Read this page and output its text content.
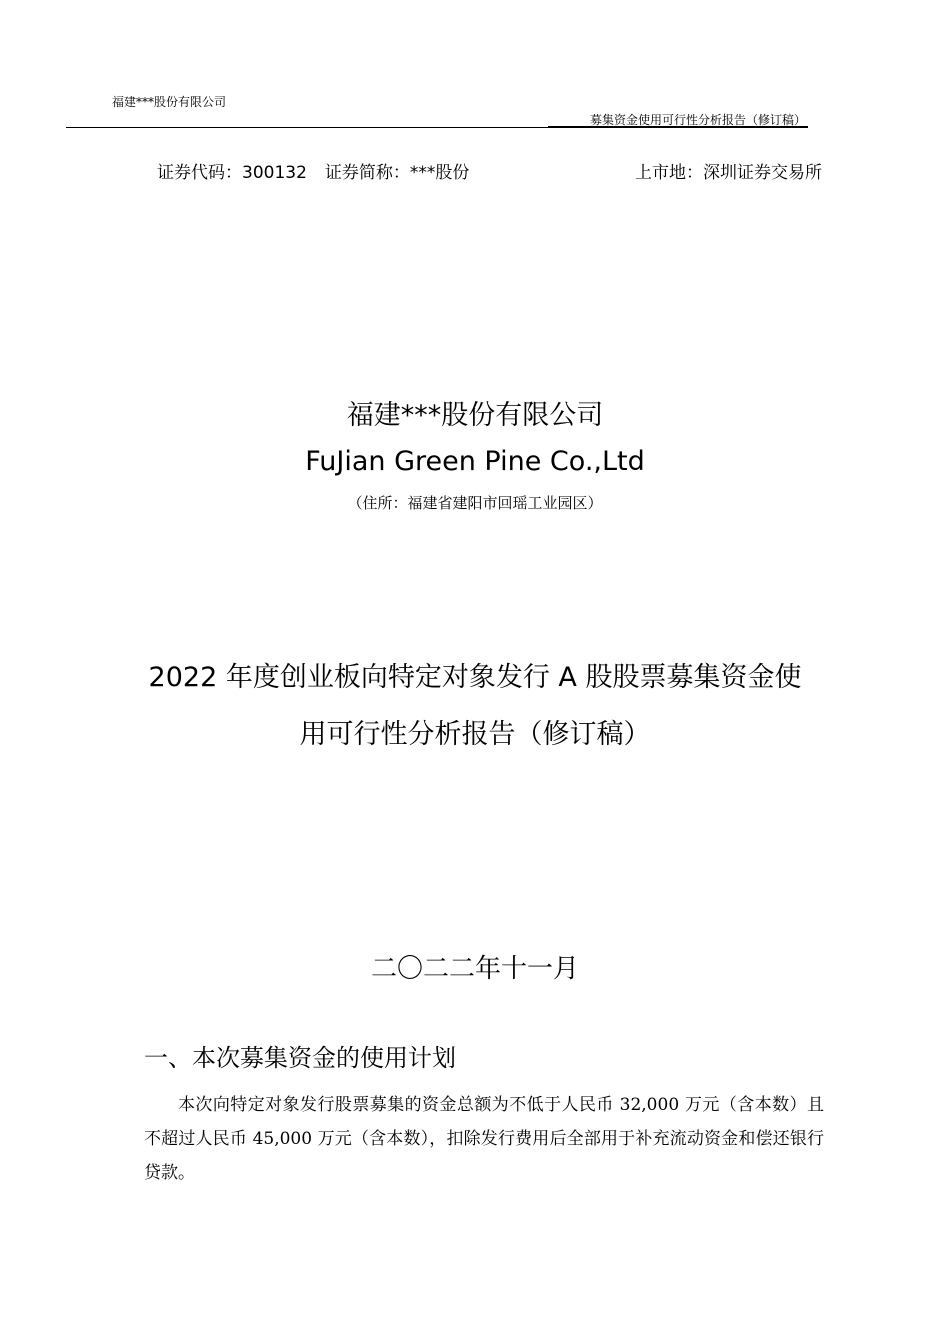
福建***股份有限公司
募集资金使用可行性分析报告（修订稿）
证券代码：300132 证券简称：***股份	上市地：深圳证券交易所
福建***股份有限公司
FuJian Green Pine Co.,Ltd
（住所：福建省建阳市回瑶工业园区）
2022 年度创业板向特定对象发行 A 股股票募集资金使
用可行性分析报告（修订稿）
二〇二二年十一月
一、本次募集资金的使用计划
本次向特定对象发行股票募集的资金总额为不低于人民币 32,000 万元（含本数）且不超过人民币 45,000 万元（含本数），扣除发行费用后全部用于补充流动资金和偿还银行贷款。
